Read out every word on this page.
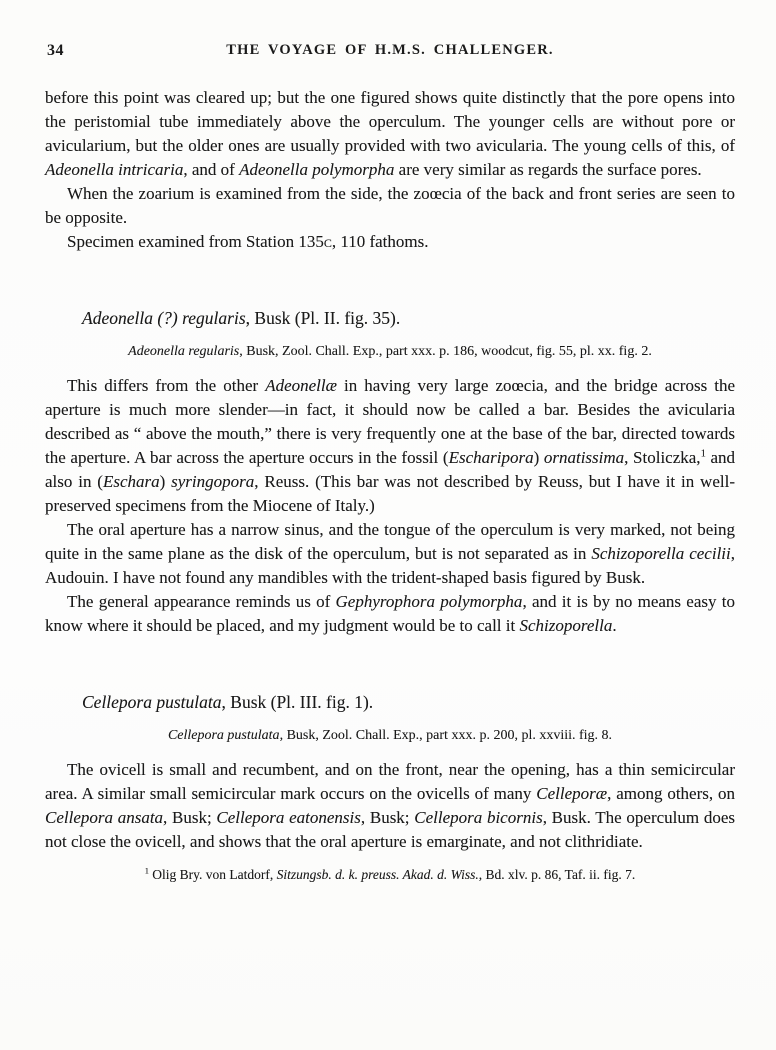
34	THE VOYAGE OF H.M.S. CHALLENGER.
before this point was cleared up; but the one figured shows quite distinctly that the pore opens into the peristomial tube immediately above the operculum. The younger cells are without pore or avicularium, but the older ones are usually provided with two avicularia. The young cells of this, of Adeonella intricaria, and of Adeonella polymorpha are very similar as regards the surface pores.
When the zoarium is examined from the side, the zoœcia of the back and front series are seen to be opposite.
Specimen examined from Station 135c, 110 fathoms.
Adeonella (?) regularis, Busk (Pl. II. fig. 35).
Adeonella regularis, Busk, Zool. Chall. Exp., part xxx. p. 186, woodcut, fig. 55, pl. xx. fig. 2.
This differs from the other Adeonellæ in having very large zoœcia, and the bridge across the aperture is much more slender—in fact, it should now be called a bar. Besides the avicularia described as “ above the mouth,” there is very frequently one at the base of the bar, directed towards the aperture. A bar across the aperture occurs in the fossil (Escharipora) ornatissima, Stoliczka,$^1$ and also in (Eschara) syringopora, Reuss. (This bar was not described by Reuss, but I have it in well-preserved specimens from the Miocene of Italy.)
The oral aperture has a narrow sinus, and the tongue of the operculum is very marked, not being quite in the same plane as the disk of the operculum, but is not separated as in Schizoporella cecilii, Audouin. I have not found any mandibles with the trident-shaped basis figured by Busk.
The general appearance reminds us of Gephyrophora polymorpha, and it is by no means easy to know where it should be placed, and my judgment would be to call it Schizoporella.
Cellepora pustulata, Busk (Pl. III. fig. 1).
Cellepora pustulata, Busk, Zool. Chall. Exp., part xxx. p. 200, pl. xxviii. fig. 8.
The ovicell is small and recumbent, and on the front, near the opening, has a thin semicircular area. A similar small semicircular mark occurs on the ovicells of many Celleporæ, among others, on Cellepora ansata, Busk; Cellepora eatonensis, Busk; Cellepora bicornis, Busk. The operculum does not close the ovicell, and shows that the oral aperture is emarginate, and not clithridiate.
$^1$ Olig Bry. von Latdorf, Sitzungsb. d. k. preuss. Akad. d. Wiss., Bd. xlv. p. 86, Taf. ii. fig. 7.
